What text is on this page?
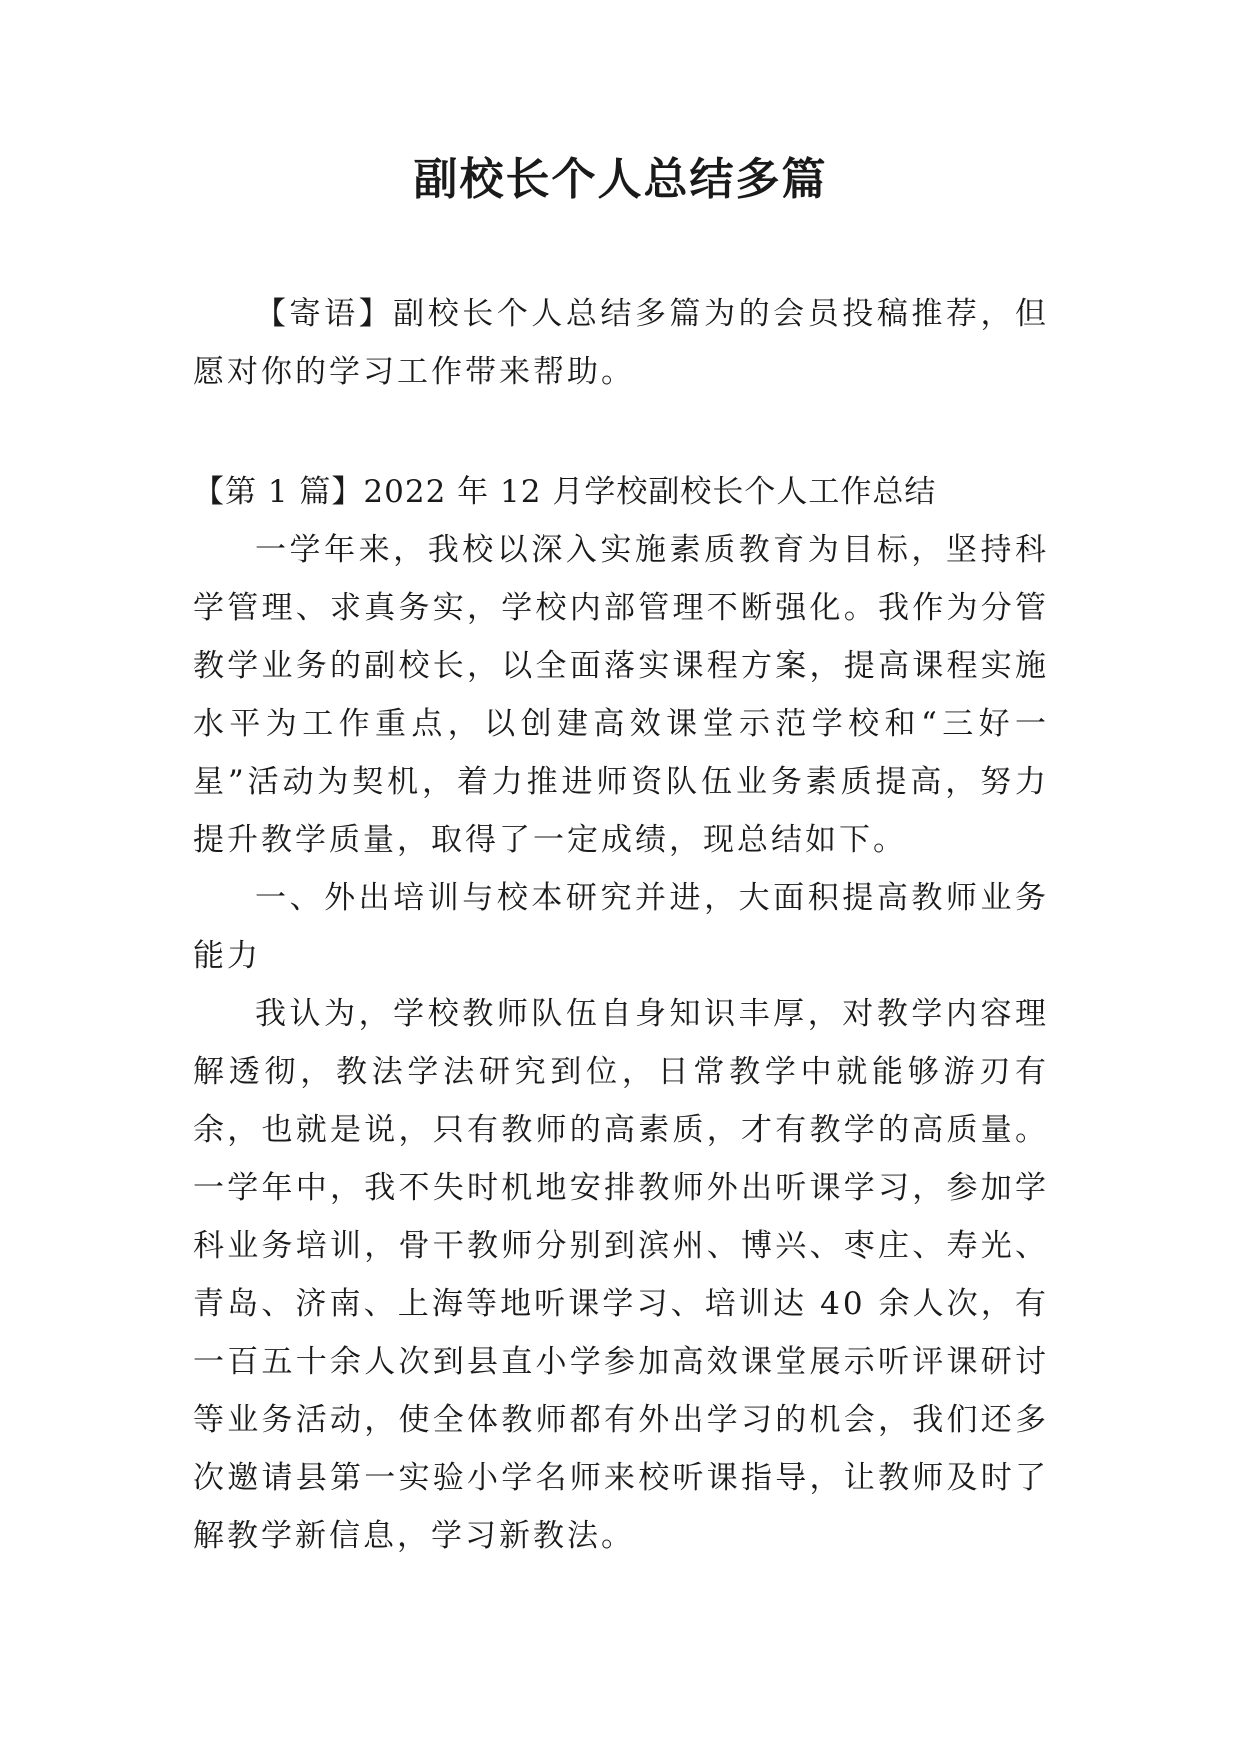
副校长个人总结多篇

【寄语】副校长个人总结多篇为的会员投稿推荐，但愿对你的学习工作带来帮助。

【第 1 篇】2022 年 12 月学校副校长个人工作总结

一学年来，我校以深入实施素质教育为目标，坚持科学管理、求真务实，学校内部管理不断强化。我作为分管教学业务的副校长，以全面落实课程方案，提高课程实施水平为工作重点，以创建高效课堂示范学校和“三好一星”活动为契机，着力推进师资队伍业务素质提高，努力提升教学质量，取得了一定成绩，现总结如下。

一、外出培训与校本研究并进，大面积提高教师业务能力

我认为，学校教师队伍自身知识丰厚，对教学内容理解透彻，教法学法研究到位，日常教学中就能够游刃有余，也就是说，只有教师的高素质，才有教学的高质量。一学年中，我不失时机地安排教师外出听课学习，参加学科业务培训，骨干教师分别到滨州、博兴、枣庄、寿光、青岛、济南、上海等地听课学习、培训达 40 余人次，有一百五十余人次到县直小学参加高效课堂展示听评课研讨等业务活动，使全体教师都有外出学习的机会，我们还多次邀请县第一实验小学名师来校听课指导，让教师及时了解教学新信息，学习新教法。
